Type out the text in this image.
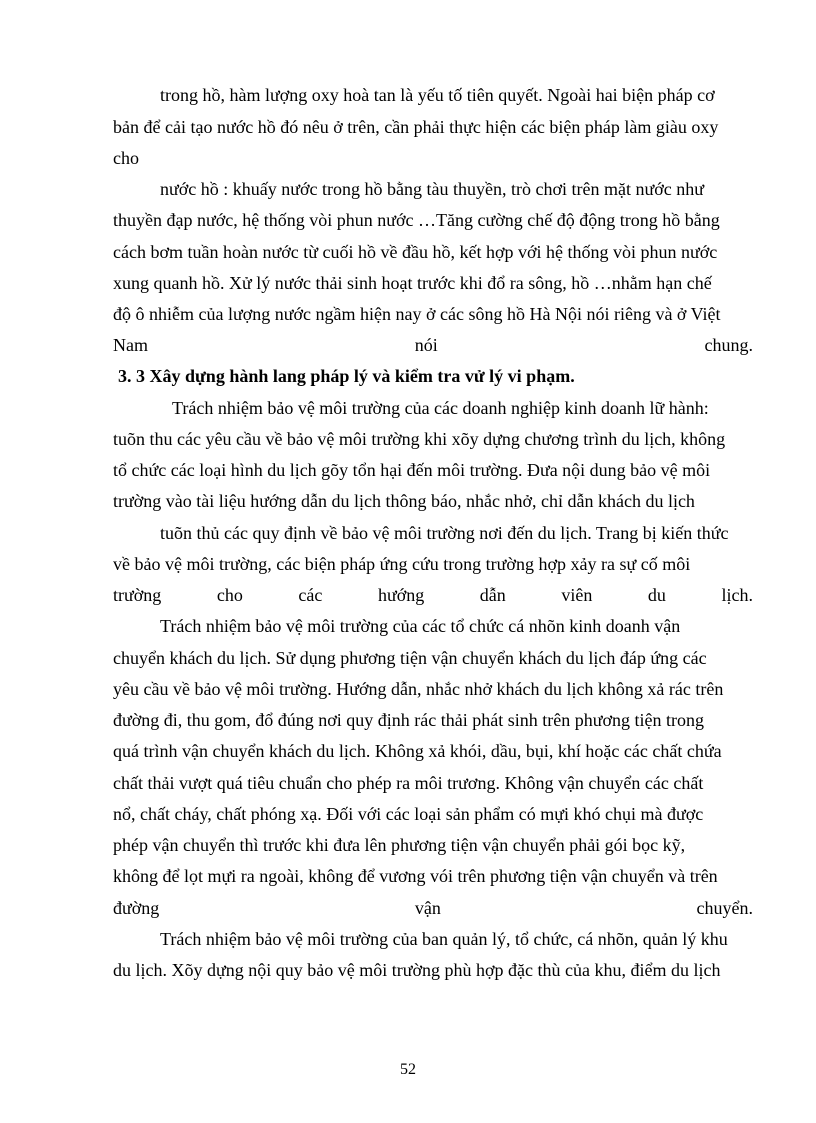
trong hồ, hàm lượng oxy hoà tan là yếu tố tiên quyết. Ngoài hai biện pháp cơ
bản để cải tạo nước hồ đó nêu ở trên, cần phải thực hiện các biện pháp làm giàu oxy
cho
nước hồ : khuấy nước trong hồ bằng tàu thuyền, trò chơi trên mặt nước như
thuyền đạp nước, hệ thống vòi phun nước …Tăng cường chế độ động trong hồ bằng
cách bơm tuần hoàn nước từ cuối hồ về đầu hồ, kết hợp với hệ thống vòi phun nước
xung quanh hồ. Xử lý nước thải sinh hoạt trước khi đổ ra sông, hồ …nhằm hạn chế
độ ô nhiễm của lượng nước ngầm hiện nay ở các sông hồ Hà Nội nói riêng và ở Việt
Nam	nói	chung.
3. 3 Xây dựng hành lang pháp lý và kiểm tra vử lý vi phạm.
Trách nhiệm bảo vệ môi trường của các doanh nghiệp kinh doanh lữ hành:
tuõn thu các yêu cầu về bảo vệ môi trường khi xõy dựng chương trình du lịch, không
tổ chức các loại hình du lịch gõy tổn hại đến môi trường. Đưa nội dung bảo vệ môi
trường vào tài liệu hướng dẫn du lịch thông báo, nhắc nhở, chỉ dẫn khách du lịch
tuõn thủ các quy định về bảo vệ môi trường nơi đến du lịch. Trang bị kiến thức
về bảo vệ môi trường, các biện pháp ứng cứu trong trường hợp xảy ra sự cố môi
trường	cho	các	hướng	dẫn	viên	du	lịch.
Trách nhiệm bảo vệ môi trường của các tổ chức cá nhõn kinh doanh vận
chuyển khách du lịch. Sử dụng phương tiện vận chuyển khách du lịch đáp ứng các
yêu cầu về bảo vệ môi trường. Hướng dẫn, nhắc nhở khách du lịch không xả rác trên
đường đi, thu gom, đổ đúng nơi quy định rác thải phát sinh trên phương tiện trong
quá trình vận chuyển khách du lịch. Không xả khói, dầu, bụi, khí hoặc các chất chứa
chất thải vượt quá tiêu chuẩn cho phép ra môi trương. Không vận chuyển các chất
nổ, chất cháy, chất phóng xạ. Đối với các loại sản phẩm có mựi khó chụi mà được
phép vận chuyển thì trước khi đưa lên phương tiện vận chuyển phải gói bọc kỹ,
không để lọt mựi ra ngoài, không để vương vói trên phương tiện vận chuyển và trên
đường	vận	chuyển.
Trách nhiệm bảo vệ môi trường của ban quản lý, tổ chức, cá nhõn, quản lý khu
du lịch. Xõy dựng nội quy bảo vệ môi trường phù hợp đặc thù của khu, điểm du lịch
52
